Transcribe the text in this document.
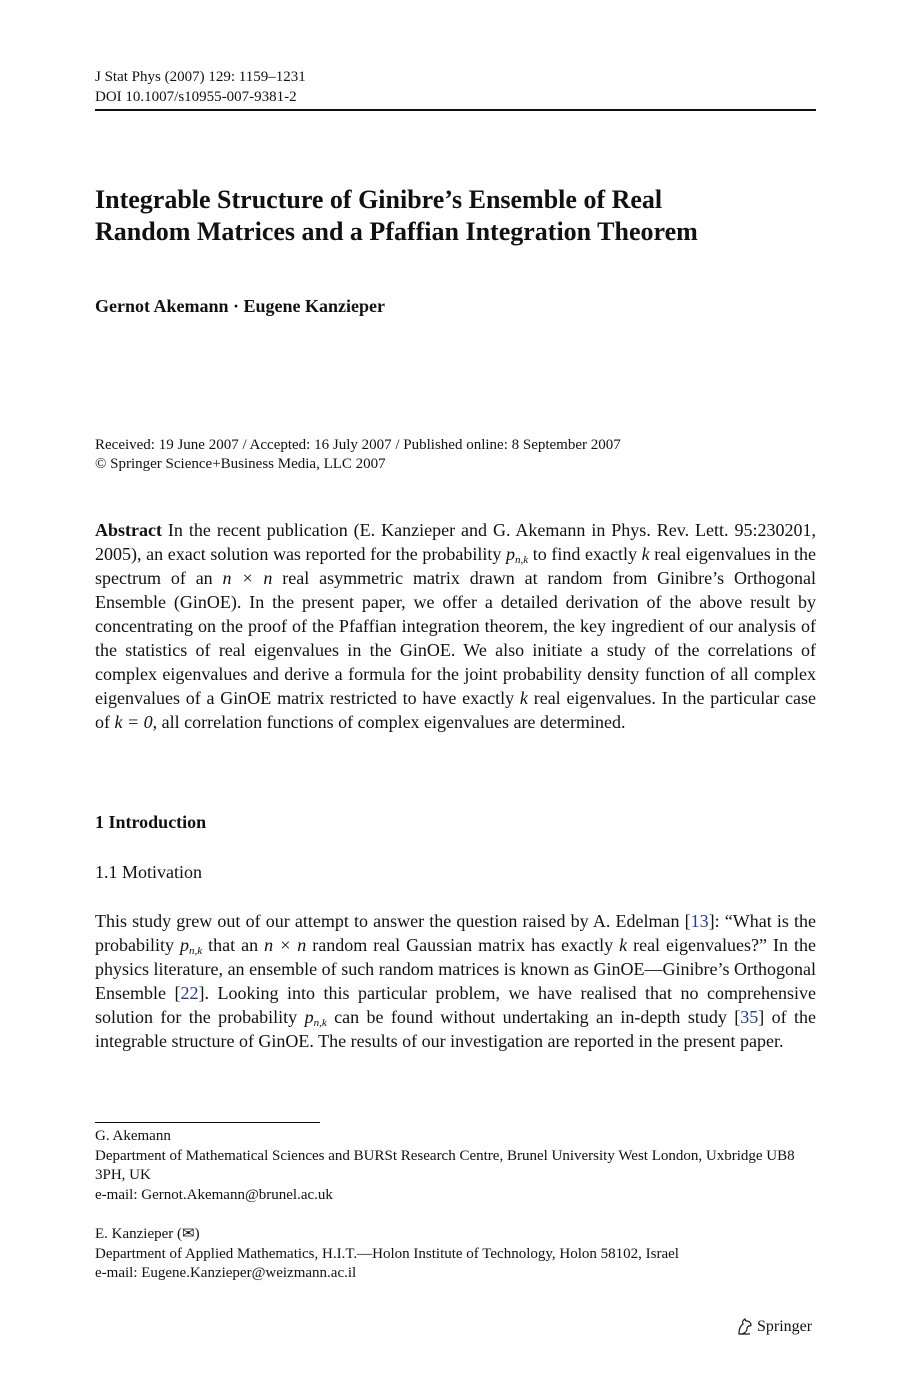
J Stat Phys (2007) 129: 1159–1231
DOI 10.1007/s10955-007-9381-2
Integrable Structure of Ginibre’s Ensemble of Real
Random Matrices and a Pfaffian Integration Theorem
Gernot Akemann · Eugene Kanzieper
Received: 19 June 2007 / Accepted: 16 July 2007 / Published online: 8 September 2007
© Springer Science+Business Media, LLC 2007

Abstract In the recent publication (E. Kanzieper and G. Akemann in Phys. Rev. Lett. 95:230201, 2005), an exact solution was reported for the probability $p_{n,k}$ to find exactly k real eigenvalues in the spectrum of an n × n real asymmetric matrix drawn at random from Ginibre’s Orthogonal Ensemble (GinOE). In the present paper, we offer a detailed derivation of the above result by concentrating on the proof of the Pfaffian integration theorem, the key ingredient of our analysis of the statistics of real eigenvalues in the GinOE. We also initiate a study of the correlations of complex eigenvalues and derive a formula for the joint probability density function of all complex eigenvalues of a GinOE matrix restricted to have exactly k real eigenvalues. In the particular case of k = 0, all correlation functions of complex eigenvalues are determined.

1 Introduction
1.1 Motivation

This study grew out of our attempt to answer the question raised by A. Edelman [13]: “What is the probability $p_{n,k}$ that an n × n random real Gaussian matrix has exactly k real eigenvalues?” In the physics literature, an ensemble of such random matrices is known as GinOE—Ginibre’s Orthogonal Ensemble [22]. Looking into this particular problem, we have realised that no comprehensive solution for the probability $p_{n,k}$ can be found without undertaking an in-depth study [35] of the integrable structure of GinOE. The results of our investigation are reported in the present paper.

G. Akemann
Department of Mathematical Sciences and BURSt Research Centre, Brunel University West London, Uxbridge UB8 3PH, UK
e-mail: Gernot.Akemann@brunel.ac.uk
E. Kanzieper (✉)
Department of Applied Mathematics, H.I.T.—Holon Institute of Technology, Holon 58102, Israel
e-mail: Eugene.Kanzieper@weizmann.ac.il
Springer
